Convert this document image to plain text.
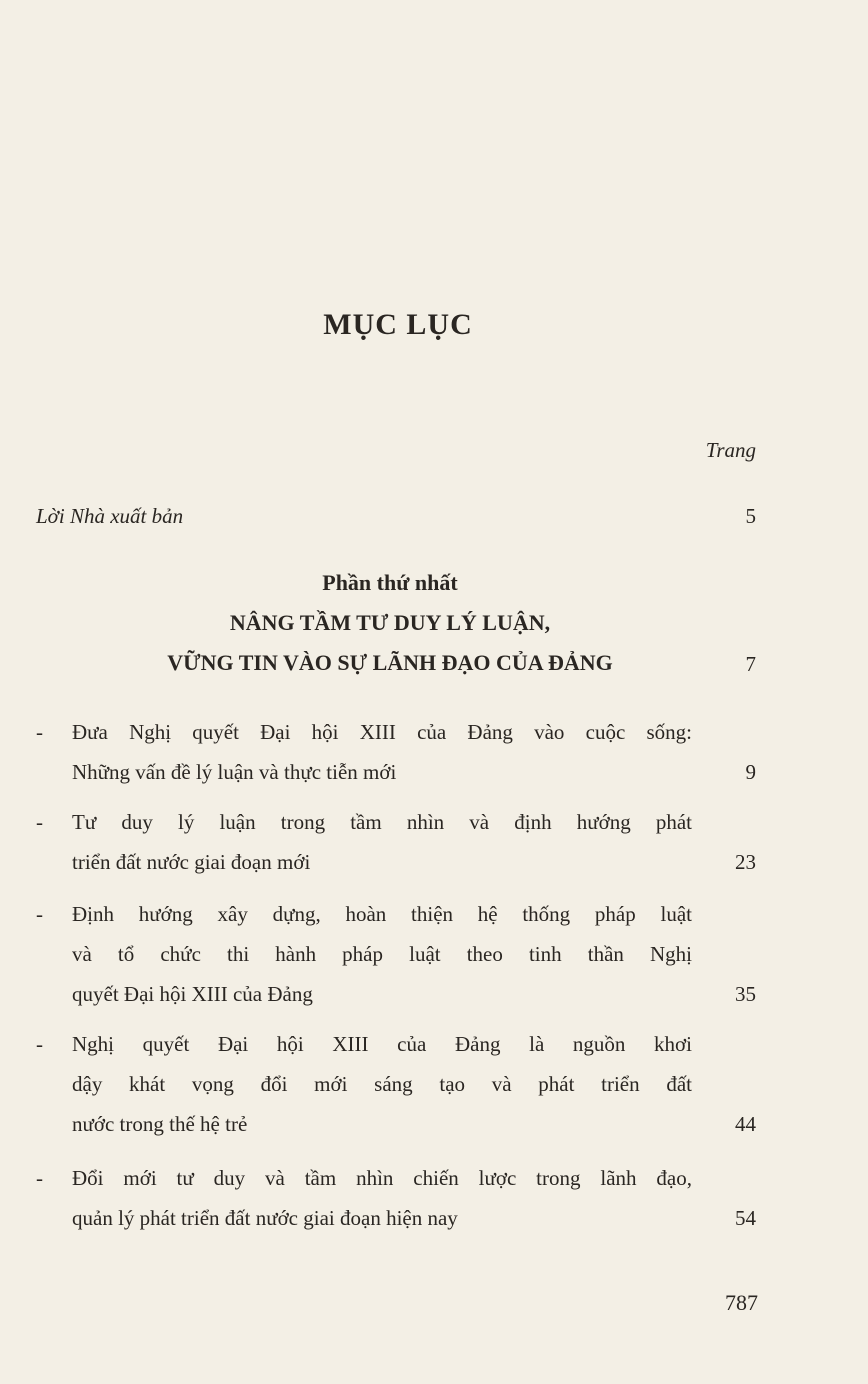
MỤC LỤC
Trang
Lời Nhà xuất bản	5
Phần thứ nhất
NÂNG TẦM TƯ DUY LÝ LUẬN,
VỮNG TIN VÀO SỰ LÃNH ĐẠO CỦA ĐẢNG	7
- Đưa Nghị quyết Đại hội XIII của Đảng vào cuộc sống:
Những vấn đề lý luận và thực tiễn mới	9
- Tư duy lý luận trong tầm nhìn và định hướng phát
triển đất nước giai đoạn mới	23
- Định hướng xây dựng, hoàn thiện hệ thống pháp luật
và tổ chức thi hành pháp luật theo tinh thần Nghị
quyết Đại hội XIII của Đảng	35
- Nghị quyết Đại hội XIII của Đảng là nguồn khơi
dậy khát vọng đổi mới sáng tạo và phát triển đất
nước trong thế hệ trẻ	44
- Đổi mới tư duy và tầm nhìn chiến lược trong lãnh đạo,
quản lý phát triển đất nước giai đoạn hiện nay	54
787
